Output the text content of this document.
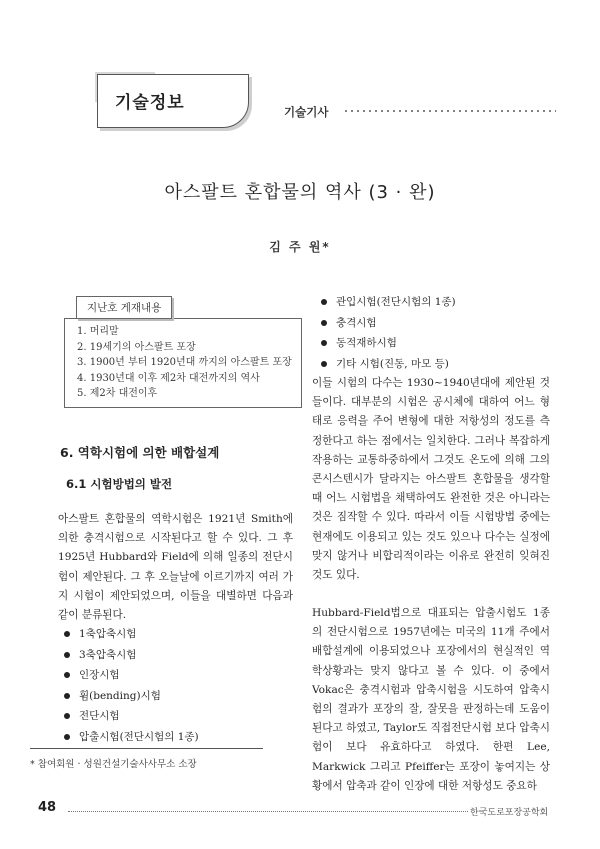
기술정보	기술기사
아스팔트 혼합물의 역사 (3 · 완)
김 주 원*
1. 머리말
2. 19세기의 아스팔트 포장
3. 1900년 부터 1920년대 까지의 아스팔트 포장
4. 1930년대 이후 제2차 대전까지의 역사
5. 제2차 대전이후
지난호 게재내용
6. 역학시험에 의한 배합설계
6.1 시험방법의 발전

아스팔트 혼합물의 역학시험은 1921년 Smith에 의한 충격시험으로 시작된다고 할 수 있다. 그 후 1925년 Hubbard와 Field에 의해 일종의 전단시험이 제안된다. 그 후 오늘날에 이르기까지 여러 가지 시험이 제안되었으며, 이들을 대별하면 다음과 같이 분류된다.

1축압축시험
3축압축시험
인장시험
휨(bending)시험
전단시험
압출시험(전단시험의 1종)
관입시험(전단시험의 1종)
충격시험
동적재하시험
기타 시험(진동, 마모 등)

이들 시험의 다수는 1930~1940년대에 제안된 것들이다. 대부분의 시험은 공시체에 대하여 어느 형태로 응력을 주어 변형에 대한 저항성의 정도를 측정한다고 하는 점에서는 일치한다. 그러나 복잡하게 작용하는 교통하중하에서 그것도 온도에 의해 그의 콘시스텐시가 달라지는 아스팔트 혼합물을 생각할 때 어느 시험법을 채택하여도 완전한 것은 아니라는 것은 짐작할 수 있다. 따라서 이들 시험방법 중에는 현재에도 이용되고 있는 것도 있으나 다수는 실정에 맞지 않거나 비합리적이라는 이유로 완전히 잊혀진 것도 있다.

Hubbard-Field법으로 대표되는 압출시험도 1종의 전단시험으로 1957년에는 미국의 11개 주에서 배합설계에 이용되었으나 포장에서의 현실적인 역학상황과는 맞지 않다고 볼 수 있다. 이 중에서 Vokac은 충격시험과 압축시험을 시도하여 압축시험의 결과가 포장의 잘, 잘못을 판정하는데 도움이 된다고 하였고, Taylor도 직접전단시험 보다 압축시험이 보다 유효하다고 하였다. 한편 Lee, Markwick 그리고 Pfeiffer는 포장이 놓여지는 상황에서 압축과 같이 인장에 대한 저항성도 중요하

* 참여회원 · 성원건설기술사사무소 소장
48	한국도로포장공학회
